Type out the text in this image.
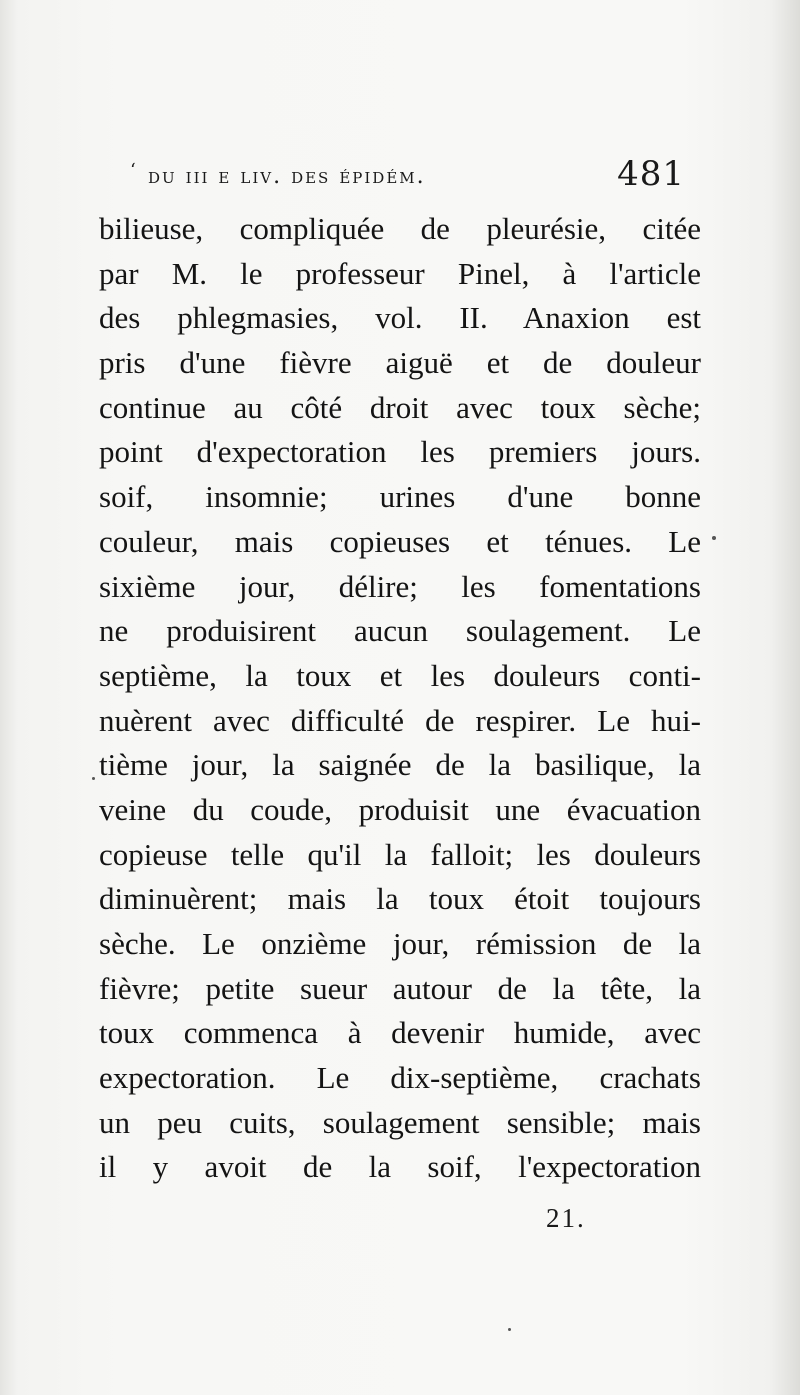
‘ du iii e liv. des épidém.	481
bilieuse, compliquée de pleurésie, citée
par M. le professeur Pinel, à l'article
des phlegmasies, vol. II. Anaxion est
pris d'une fièvre aiguë et de douleur
continue au côté droit avec toux sèche;
point d'expectoration les premiers jours.
soif, insomnie; urines d'une bonne
couleur, mais copieuses et ténues. Le
sixième jour, délire; les fomentations
ne produisirent aucun soulagement. Le
septième, la toux et les douleurs conti-
nuèrent avec difficulté de respirer. Le hui-
tième jour, la saignée de la basilique, la
veine du coude, produisit une évacuation
copieuse telle qu'il la falloit; les douleurs
diminuèrent; mais la toux étoit toujours
sèche. Le onzième jour, rémission de la
fièvre; petite sueur autour de la tête, la
toux commenca à devenir humide, avec
expectoration. Le dix-septième, crachats
un peu cuits, soulagement sensible; mais
il y avoit de la soif, l'expectoration
21.
